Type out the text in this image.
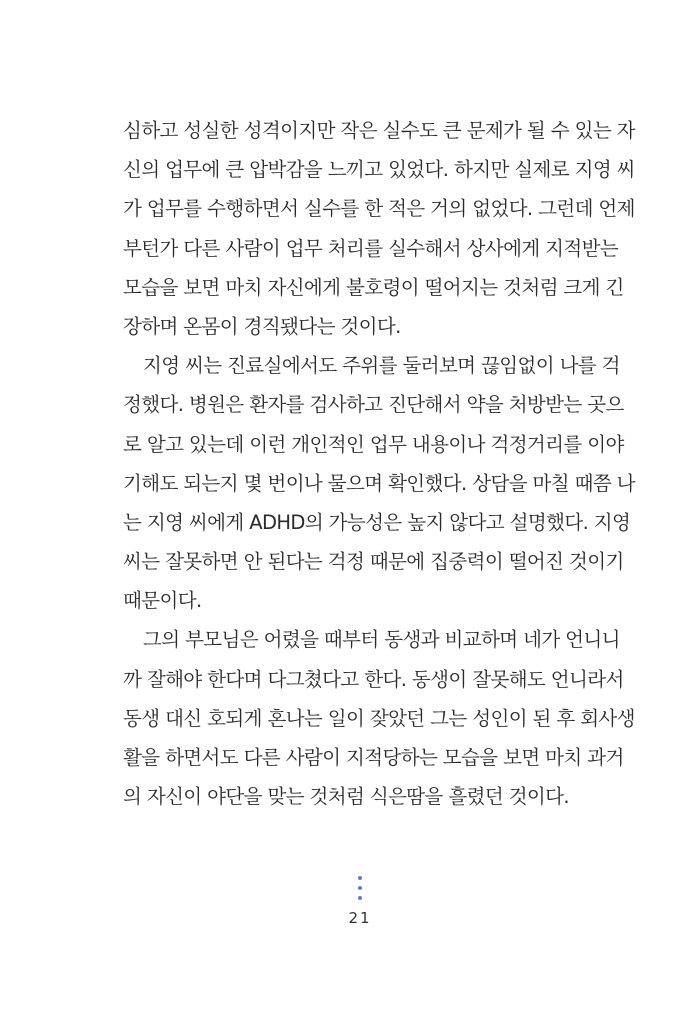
심하고 성실한 성격이지만 작은 실수도 큰 문제가 될 수 있는 자
신의 업무에 큰 압박감을 느끼고 있었다. 하지만 실제로 지영 씨
가 업무를 수행하면서 실수를 한 적은 거의 없었다. 그런데 언제
부턴가 다른 사람이 업무 처리를 실수해서 상사에게 지적받는
모습을 보면 마치 자신에게 불호령이 떨어지는 것처럼 크게 긴
장하며 온몸이 경직됐다는 것이다.

지영 씨는 진료실에서도 주위를 둘러보며 끊임없이 나를 걱
정했다. 병원은 환자를 검사하고 진단해서 약을 처방받는 곳으
로 알고 있는데 이런 개인적인 업무 내용이나 걱정거리를 이야
기해도 되는지 몇 번이나 물으며 확인했다. 상담을 마칠 때쯤 나
는 지영 씨에게 ADHD의 가능성은 높지 않다고 설명했다. 지영
씨는 잘못하면 안 된다는 걱정 때문에 집중력이 떨어진 것이기
때문이다.

그의 부모님은 어렸을 때부터 동생과 비교하며 네가 언니니
까 잘해야 한다며 다그쳤다고 한다. 동생이 잘못해도 언니라서
동생 대신 호되게 혼나는 일이 잦았던 그는 성인이 된 후 회사생
활을 하면서도 다른 사람이 지적당하는 모습을 보면 마치 과거
의 자신이 야단을 맞는 것처럼 식은땀을 흘렸던 것이다.

21
